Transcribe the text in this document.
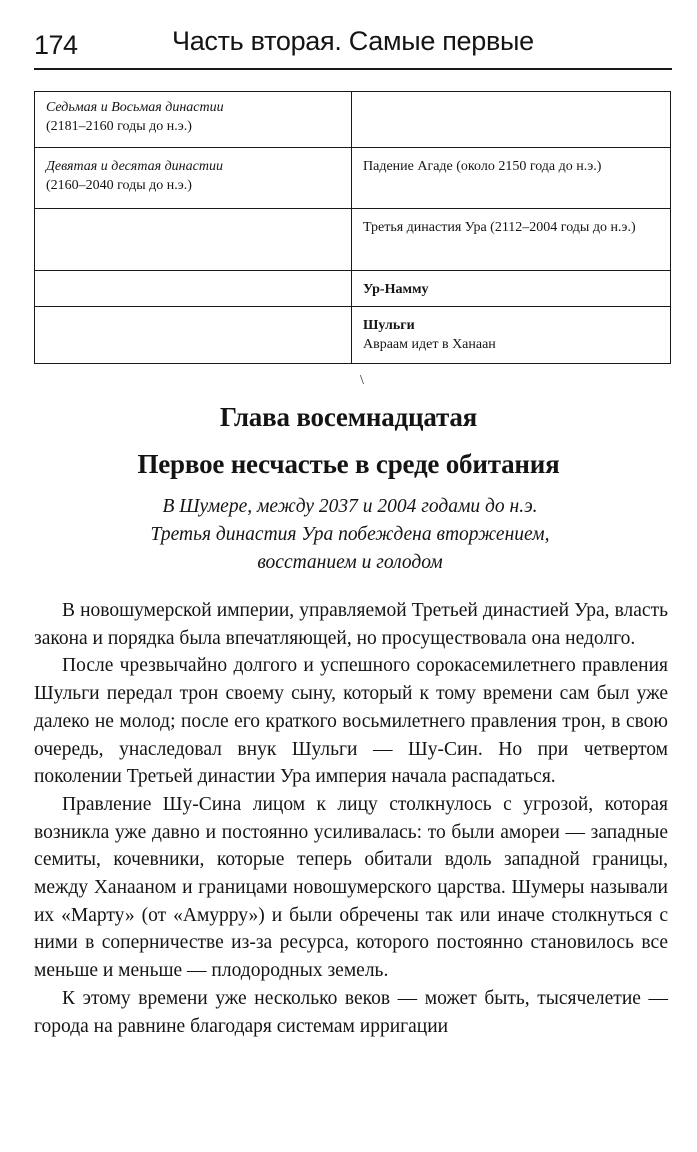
174	Часть вторая. Самые первые
Седьмая и Восьмая династии
(2181–2160 годы до н.э.)	

Девятая и десятая династии
(2160–2040 годы до н.э.)	Падение Агаде (около 2150 года до н.э.)

	Третья династия Ура (2112–2004 годы до н.э.)

	Ур-Намму

	Шульги
Авраам идет в Ханаан
\
Глава восемнадцатая
Первое несчастье в среде обитания
В Шумере, между 2037 и 2004 годами до н.э.
Третья династия Ура побеждена вторжением,
восстанием и голодом

В новошумерской империи, управляемой Третьей династией Ура, власть закона и порядка была впечатляющей, но просуществовала она недолго.

После чрезвычайно долгого и успешного сорокасемилетнего правления Шульги передал трон своему сыну, который к тому времени сам был уже далеко не молод; после его краткого восьмилетнего правления трон, в свою очередь, унаследовал внук Шульги — Шу-Син. Но при четвертом поколении Третьей династии Ура империя начала распадаться.

Правление Шу-Сина лицом к лицу столкнулось с угрозой, которая возникла уже давно и постоянно усиливалась: то были амореи — западные семиты, кочевники, которые теперь обитали вдоль западной границы, между Ханааном и границами новошумерского царства. Шумеры называли их «Марту» (от «Амурру») и были обречены так или иначе столкнуться с ними в соперничестве из-за ресурса, которого постоянно становилось все меньше и меньше — плодородных земель.

К этому времени уже несколько веков — может быть, тысячелетие — города на равнине благодаря системам ирригации
